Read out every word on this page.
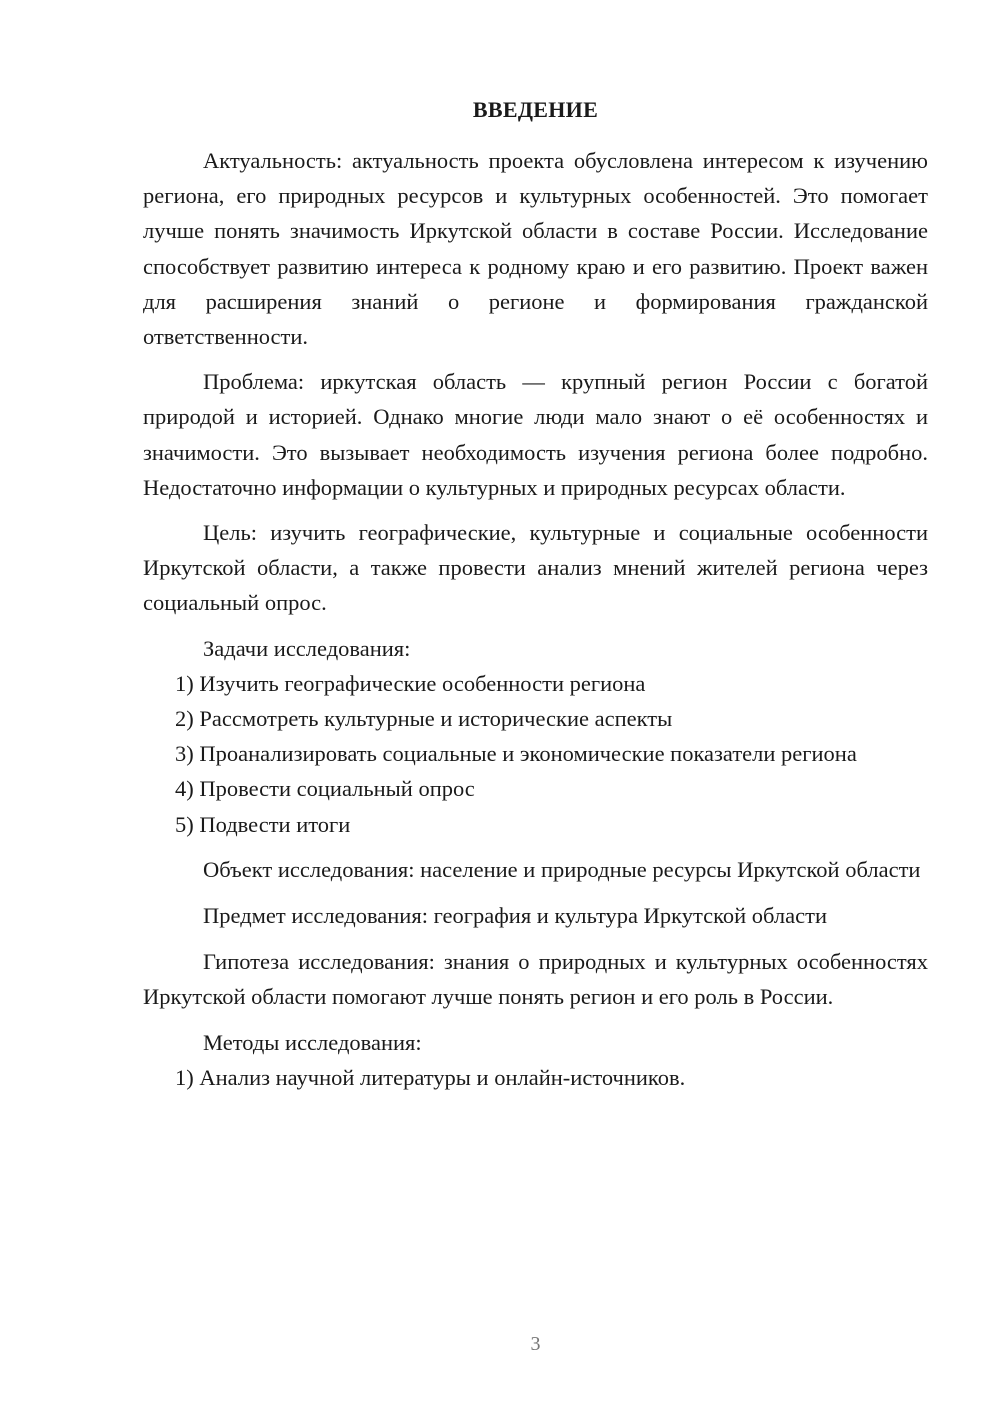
ВВЕДЕНИЕ

Актуальность: актуальность проекта обусловлена интересом к изучению региона, его природных ресурсов и культурных особенностей. Это помогает лучше понять значимость Иркутской области в составе России. Исследование способствует развитию интереса к родному краю и его развитию. Проект важен для расширения знаний о регионе и формирования гражданской ответственности.

Проблема: иркутская область — крупный регион России с богатой природой и историей. Однако многие люди мало знают о её особенностях и значимости. Это вызывает необходимость изучения региона более подробно. Недостаточно информации о культурных и природных ресурсах области.

Цель: изучить географические, культурные и социальные особенности Иркутской области, а также провести анализ мнений жителей региона через социальный опрос.

Задачи исследования:

1) Изучить географические особенности региона

2) Рассмотреть культурные и исторические аспекты

3) Проанализировать социальные и экономические показатели региона

4) Провести социальный опрос

5) Подвести итоги

Объект исследования: население и природные ресурсы Иркутской области

Предмет исследования: география и культура Иркутской области

Гипотеза исследования: знания о природных и культурных особенностях Иркутской области помогают лучше понять регион и его роль в России.

Методы исследования:

1) Анализ научной литературы и онлайн-источников.

3
